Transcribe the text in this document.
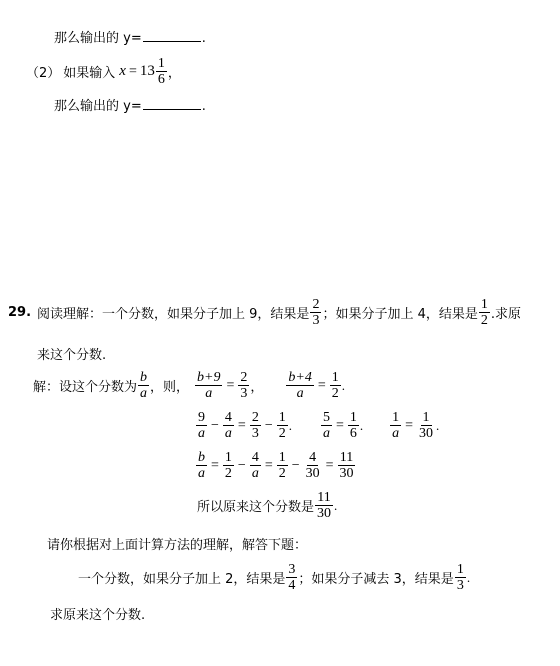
那么输出的 y=	.
（2） 如果输入 $x = 13 \frac{1}{6}$ ，
那么输出的 y=	.
29. 阅读理解：一个分数，如果分子加上 9，结果是 $\frac{2}{3}$ ；如果分子加上 4，结果是 $\frac{1}{2}$ .求原
来这个分数.
解：设这个分数为 $\frac{b}{a}$ ，则， $\frac{b+9}{a} = \frac{2}{3}$ ， $\frac{b+4}{a} = \frac{1}{2}$ .
$\frac{9}{a} - \frac{4}{a} = \frac{2}{3} - \frac{1}{2}$ . $\frac{5}{a} = \frac{1}{6}$ . $\frac{1}{a} = \frac{1}{30}$ .
$\frac{b}{a} = \frac{1}{2} - \frac{4}{a} = \frac{1}{2} - \frac{4}{30} = \frac{11}{30}$
所以原来这个分数是 $\frac{11}{30}$ .
请你根据对上面计算方法的理解，解答下题：
一个分数，如果分子加上 2，结果是 $\frac{3}{4}$ ；如果分子减去 3，结果是 $\frac{1}{3}$ .
求原来这个分数.
